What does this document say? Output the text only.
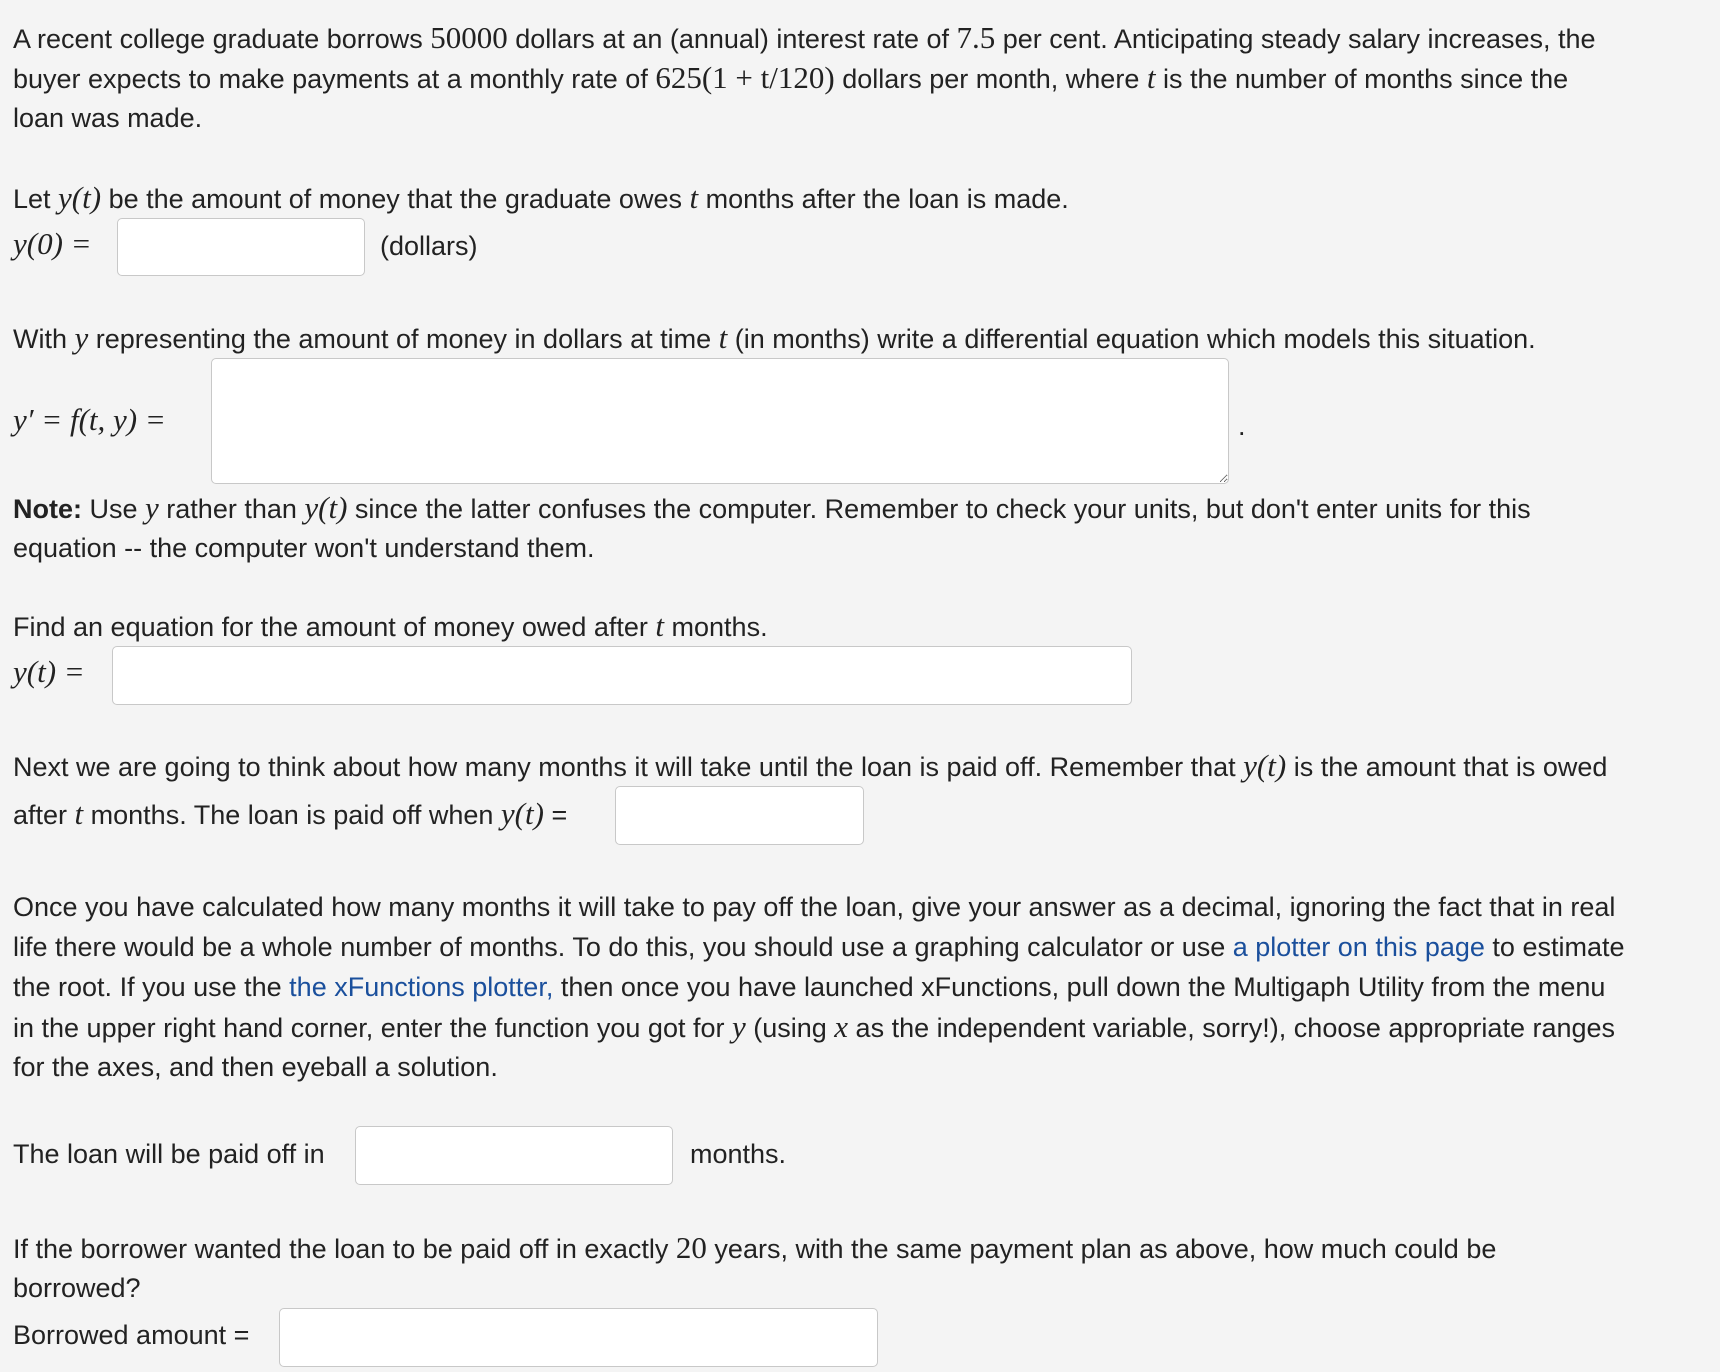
A recent college graduate borrows 50000 dollars at an (annual) interest rate of 7.5 per cent. Anticipating steady salary increases, the
buyer expects to make payments at a monthly rate of 625(1 + t/120) dollars per month, where t is the number of months since the
loan was made.
Let y(t) be the amount of money that the graduate owes t months after the loan is made.
y(0) =	(dollars)
With y representing the amount of money in dollars at time t (in months) write a differential equation which models this situation.
y′ = f(t, y) =	.
Note: Use y rather than y(t) since the latter confuses the computer. Remember to check your units, but don't enter units for this
equation -- the computer won't understand them.
Find an equation for the amount of money owed after t months.
y(t) =
Next we are going to think about how many months it will take until the loan is paid off. Remember that y(t) is the amount that is owed
after t months. The loan is paid off when y(t) =
Once you have calculated how many months it will take to pay off the loan, give your answer as a decimal, ignoring the fact that in real
life there would be a whole number of months. To do this, you should use a graphing calculator or use a plotter on this page to estimate
the root. If you use the the xFunctions plotter, then once you have launched xFunctions, pull down the Multigaph Utility from the menu
in the upper right hand corner, enter the function you got for y (using x as the independent variable, sorry!), choose appropriate ranges
for the axes, and then eyeball a solution.
The loan will be paid off in	months.
If the borrower wanted the loan to be paid off in exactly 20 years, with the same payment plan as above, how much could be
borrowed?
Borrowed amount =
